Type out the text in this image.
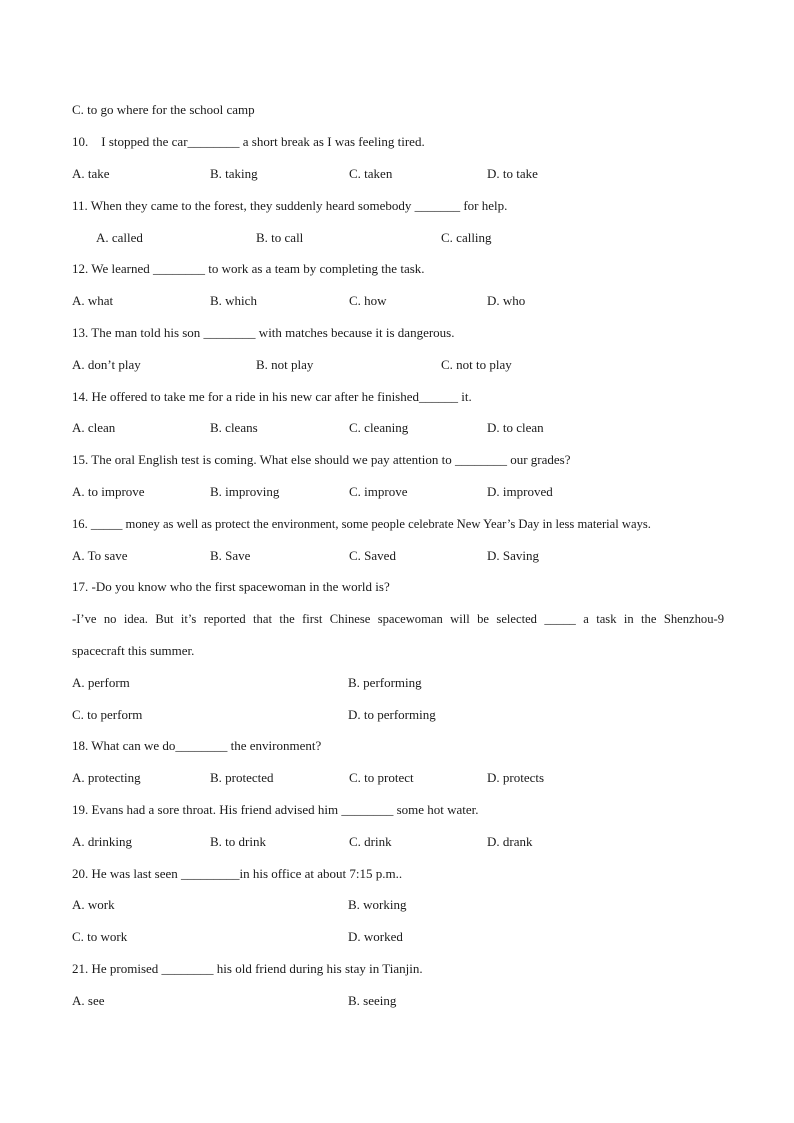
C. to go where for the school camp
10.    I stopped the car________ a short break as I was feeling tired.
A. take	B. taking	C. taken	D. to take
11. When they came to the forest, they suddenly heard somebody _______ for help.
A. called	B. to call	C. calling
12. We learned ________ to work as a team by completing the task.
A. what	B. which	C. how	D. who
13. The man told his son ________ with matches because it is dangerous.
A. don’t play	B. not play	C. not to play
14. He offered to take me for a ride in his new car after he finished______ it.
A. clean	B. cleans	C. cleaning	D. to clean
15. The oral English test is coming. What else should we pay attention to ________ our grades?
A. to improve	B. improving	C. improve	D. improved
16. _____ money as well as protect the environment, some people celebrate New Year’s Day in less material ways.
A. To save	B. Save	C. Saved	D. Saving
17. -Do you know who the first spacewoman in the world is?
-I’ve no idea. But it’s reported that the first Chinese spacewoman will be selected _____ a task in the Shenzhou-9
spacecraft this summer.
A. perform	B. performing
C. to perform	D. to performing
18. What can we do________ the environment?
A. protecting	B. protected	C. to protect	D. protects
19. Evans had a sore throat. His friend advised him ________ some hot water.
A. drinking	B. to drink	C. drink	D. drank
20. He was last seen _________in his office at about 7:15 p.m..
A. work	B. working
C. to work	D. worked
21. He promised ________ his old friend during his stay in Tianjin.
A. see	B. seeing
